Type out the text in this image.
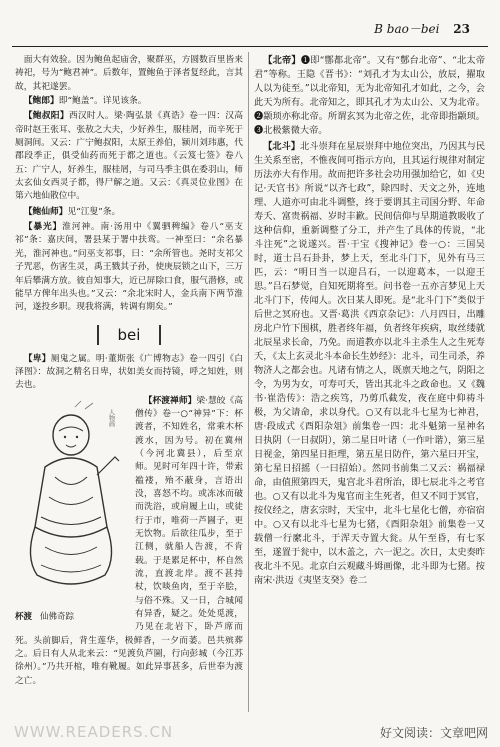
B bao－bei 23

面大有效验。因为鲍鱼起庙舍，聚群巫，方圆数百里皆来祷祀，号为“鲍君神”。后数年，置鲍鱼于泽者复经此，言其故，其祀遂罢。

【鲍郎】即“鲍盖”。详见该条。

【鲍叔阳】西汉时人。梁·陶弘景《真诰》卷一四：汉高帝时赵王张耳、张敖之大夫，少好养生，服桂屑，而辛死于厕洞间。又云：广宁鲍叔阳，太原王养伯，颍川刘玮惠，代郡段季正，俱受仙药而死于都之道也。《云笈七签》卷八五：广宁人，好养生，服桂屑，与司马季主俱在委羽山，师太玄仙女西灵子都，得尸解之道。又云：《真灵位业图》在第六地仙散位中。

【鲍仙师】见“江叟”条。

【暴光】淮河神。南·汤用中《翼驷稗编》卷八“巫支祁”条：嘉庆间，署县某于署中扶鸾。一神至曰：“余名暴光，淮河神也。”问巫支祁事，曰：“余所管也。尧时支祁父子咒恶，伤害生灵，禹王戮其子孙，使庚辰锁之山下，三万年后攀满方放。彼自知事大，近已屏除口食，服气潜修，或能早方俾年出头也。”又云：“余北宋时人，金兵南下两节淮河，遂投乡职。现我将满，转调有期矣。”

bei

【卑】厕鬼之属。明·董斯张《广博物志》卷一四引《白泽图》：故洞之精名日卑，状如美女而持镜，呼之知姓，则去也。

人物画
杯渡 仙佛奇踪

【杯渡禅师】梁·慧皎《高僧传》卷一○“神异”下：杯渡者，不知姓名，常乘木杯渡水，因为号。初在冀州（今河北冀县），后至京师。见时可年四十许，带索褴褛，殆不蔽身，言语出没，喜怒不均。或冻冰而破而洗浴，或肩履上山，或徒行于市，唯荷一芦圌子，更无饮物。后欲往瓜步，至于江侧，就船人告渡，不肯载。于是累足杯中，杯自然流，直渡北岸。渡不甚持杖，饮啖鱼肉，至于辛脍，与俗不殊。又一日，合城闻有异香，疑之。处处觅渡，乃见在北岩下，卧芦席而死。头前脚后，背生莲华，极鲜香，一夕而萎。邑共殡葬之。后日有人从北来云：“见渡负芦圌，行向彭城（今江苏徐州）。”乃共开棺，唯有靴履。如此异事甚多，后世奉为渡之亡。

【北帝】❶即“鄷都北帝”。又有“鄷台北帝”、“北太帝君”等称。王隐《晋书》：“刘孔才为太山公，放辰，擢取人以为徒至。”以北帝知，无为北帝知孔才如此，之今，会此天为所有。北帝知之，即其孔才为太山公、又为北帝。❷颛顼亦称北帝。所谓玄冥为北帝之佐，北帝即指颛顼。❸北极紫微大帝。

【北斗】北斗崇拜在星辰崇拜中地位突出，乃因其与民生关系至密，不惟夜间可指示方向，且其运行规律对制定历法亦大有作用。故而把许多社会功用强加给它，如《史记·天官书》所说“以齐七政”，除四时、天文之外，连地理、人道亦可由北斗调整，终于要谓其主司国分野、年命寿夭、富贵祸福、岁时丰歉。民间信仰与早期道教吸收了这种信仰，重新调整了分工，并产生了具体的传说，“北斗注死”之说遂兴。晋·干宝《搜神记》卷一○：三国吴时，道士吕石卦卦，梦上天，至北斗门下，见外有马三匹，云：“明日当一以迎吕石，一以迎葛本，一以迎王思。”吕石梦觉，自知死期将至。问书卷一五亦言梦见上天北斗门下，传闻人。次日某人即死。是“北斗门下”类似于后世之冥府也。又晋·葛洪《西京杂记》：八月四日，出雕房北户竹下围棋，胜者终年福，负者终年疾病，取丝缕就北辰星求长命，乃免。而道教亦以北斗主杀生人之生死寿夭，《太上玄灵北斗本命长生妙经》：北斗，司生司杀，养物济人之都会也。凡诸有情之人，既禀天地之气，阴阳之令，为男为女，可寿可夭，皆出其北斗之政命也。又《魏书·崔浩传》：浩之疾笃，乃剪爪截发，夜在庭中仰祷斗极，为父请命，求以身代。○又有以北斗七星为七神君，唐·段成式《酉阳杂俎》前集卷一四：北斗魁第一星神名日执阴（一日叔阴），第二星日叶诸（一作叶谐），第三星日视金，第四星日拒理，第五星日防仵，第六星曰开宝，第七星日招摇（一曰招始）。然同书前集二又云：祸福禄命，由值照第四天，鬼宫北斗君所治，即七辰北斗之考官也。○又有以北斗为鬼官而主生死者，但又不同于冥官，按仪经之，唐玄宗时，天宝中，北斗七星化七僧，亦宿宿中。○又有以北斗七星为七猪，《酉阳杂俎》前集卷一又载僧一行縻北斗，于浑天寺置大瓮。从午至昏，有七豕至，遂置于瓮中，以木盖之，六一泥之。次日，太史奏昨夜北斗不见。北京白云观藏斗姆画像，北斗即为七猪。按南宋·洪迈《夷坚支癸》卷二

WWW.READERS.CN	好文阅读：文章吧网
